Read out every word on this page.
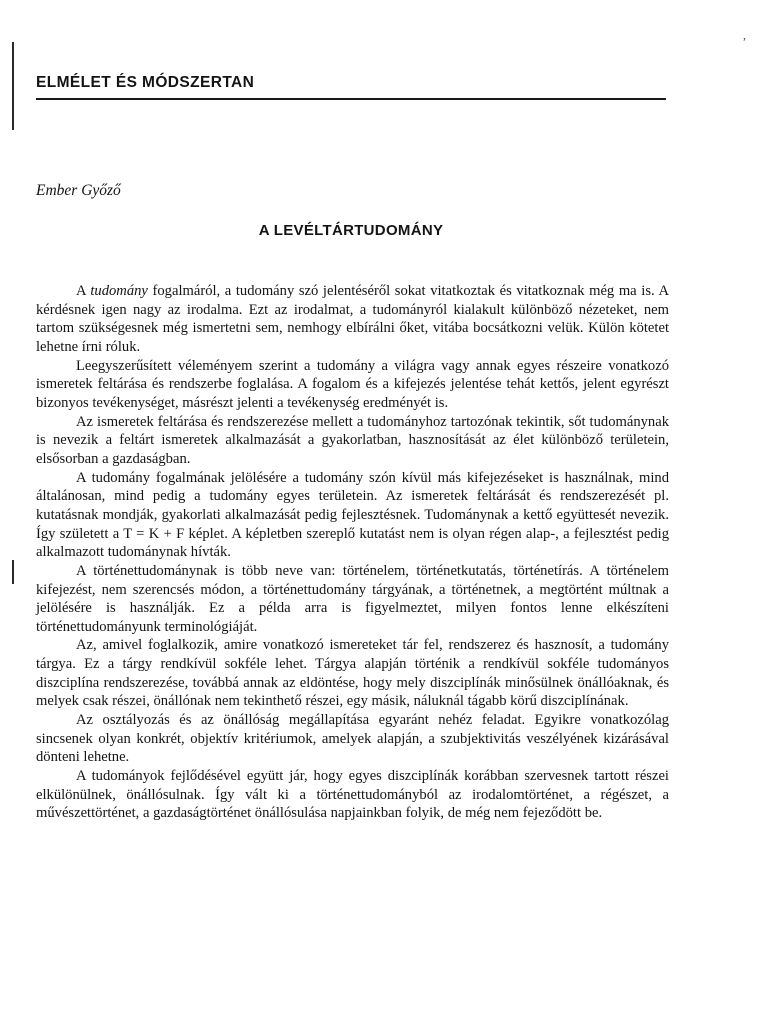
,
ELMÉLET ÉS MÓDSZERTAN
Ember Győző
A LEVÉLTÁRTUDOMÁNY

A tudomány fogalmáról, a tudomány szó jelentéséről sokat vitatkoztak és vitatkoznak még ma is. A kérdésnek igen nagy az irodalma. Ezt az irodalmat, a tudományról kialakult különböző nézeteket, nem tartom szükségesnek még ismertetni sem, nemhogy elbírálni őket, vitába bocsátkozni velük. Külön kötetet lehetne írni róluk.

Leegyszerűsített véleményem szerint a tudomány a világra vagy annak egyes részeire vonatkozó ismeretek feltárása és rendszerbe foglalása. A fogalom és a kifejezés jelentése tehát kettős, jelent egyrészt bizonyos tevékenységet, másrészt jelenti a tevékenység eredményét is.

Az ismeretek feltárása és rendszerezése mellett a tudományhoz tartozónak tekintik, sőt tudománynak is nevezik a feltárt ismeretek alkalmazását a gyakorlatban, hasznosítását az élet különböző területein, elsősorban a gazdaságban.

A tudomány fogalmának jelölésére a tudomány szón kívül más kifejezéseket is használnak, mind általánosan, mind pedig a tudomány egyes területein. Az ismeretek feltárását és rendszerezését pl. kutatásnak mondják, gyakorlati alkalmazását pedig fejlesztésnek. Tudománynak a kettő együttesét nevezik. Így született a T = K + F képlet. A képletben szereplő kutatást nem is olyan régen alap-, a fejlesztést pedig alkalmazott tudománynak hívták.

A történettudománynak is több neve van: történelem, történetkutatás, történetírás. A történelem kifejezést, nem szerencsés módon, a történettudomány tárgyának, a történetnek, a megtörtént múltnak a jelölésére is használják. Ez a példa arra is figyelmeztet, milyen fontos lenne elkészíteni történettudományunk terminológiáját.

Az, amivel foglalkozik, amire vonatkozó ismereteket tár fel, rendszerez és hasznosít, a tudomány tárgya. Ez a tárgy rendkívül sokféle lehet. Tárgya alapján történik a rendkívül sokféle tudományos diszciplína rendszerezése, továbbá annak az eldöntése, hogy mely diszciplínák minősülnek önállóaknak, és melyek csak részei, önállónak nem tekinthető részei, egy másik, náluknál tágabb körű diszciplínának.

Az osztályozás és az önállóság megállapítása egyaránt nehéz feladat. Egyikre vonatkozólag sincsenek olyan konkrét, objektív kritériumok, amelyek alapján, a szubjektivitás veszélyének kizárásával dönteni lehetne.

A tudományok fejlődésével együtt jár, hogy egyes diszciplínák korábban szervesnek tartott részei elkülönülnek, önállósulnak. Így vált ki a történettudományból az irodalomtörténet, a régészet, a művészettörténet, a gazdaságtörténet önállósulása napjainkban folyik, de még nem fejeződött be.
